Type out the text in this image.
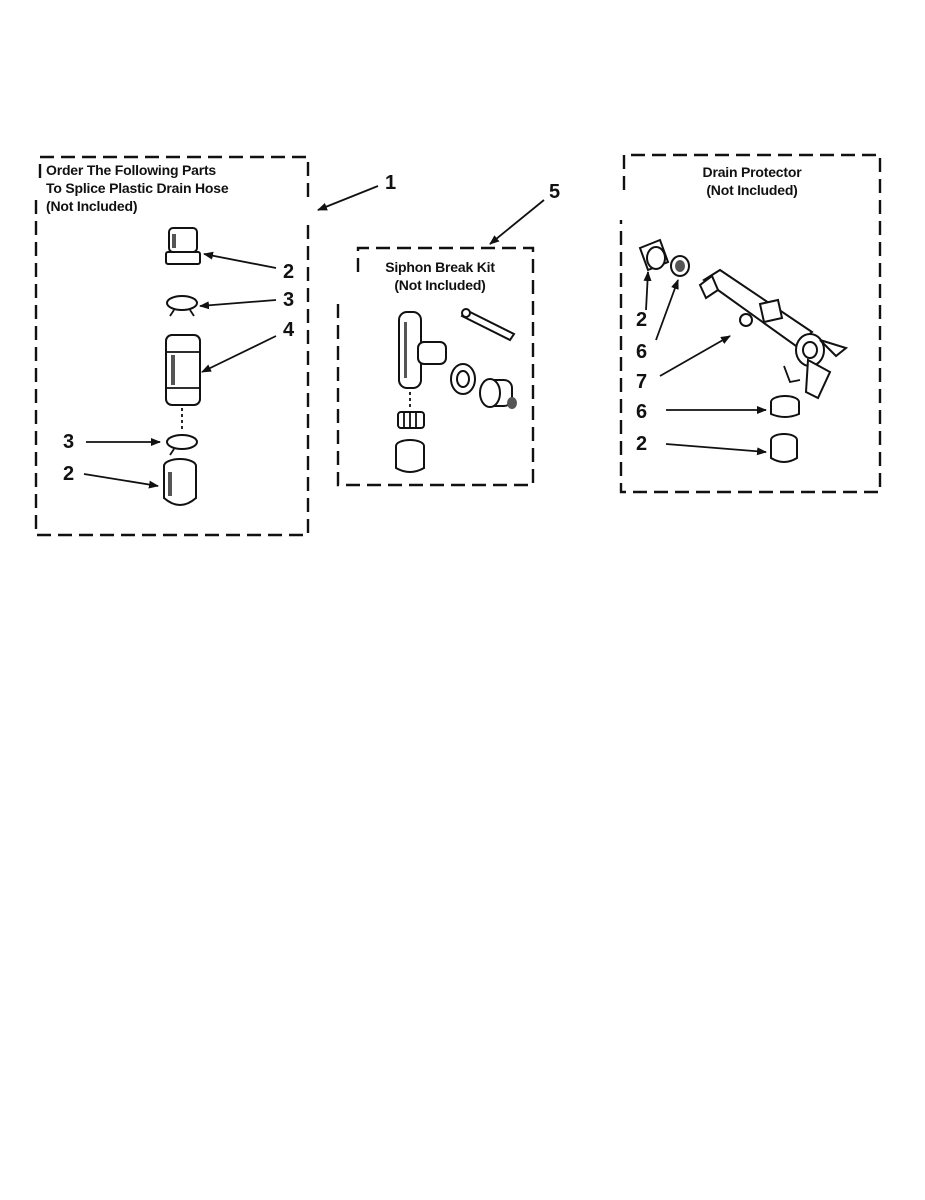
Order The Following Parts
To Splice Plastic Drain Hose
(Not Included)
Siphon Break Kit
(Not Included)
Drain Protector
(Not Included)
1
2
3
4
3
2
5
2
6
7
6
2
